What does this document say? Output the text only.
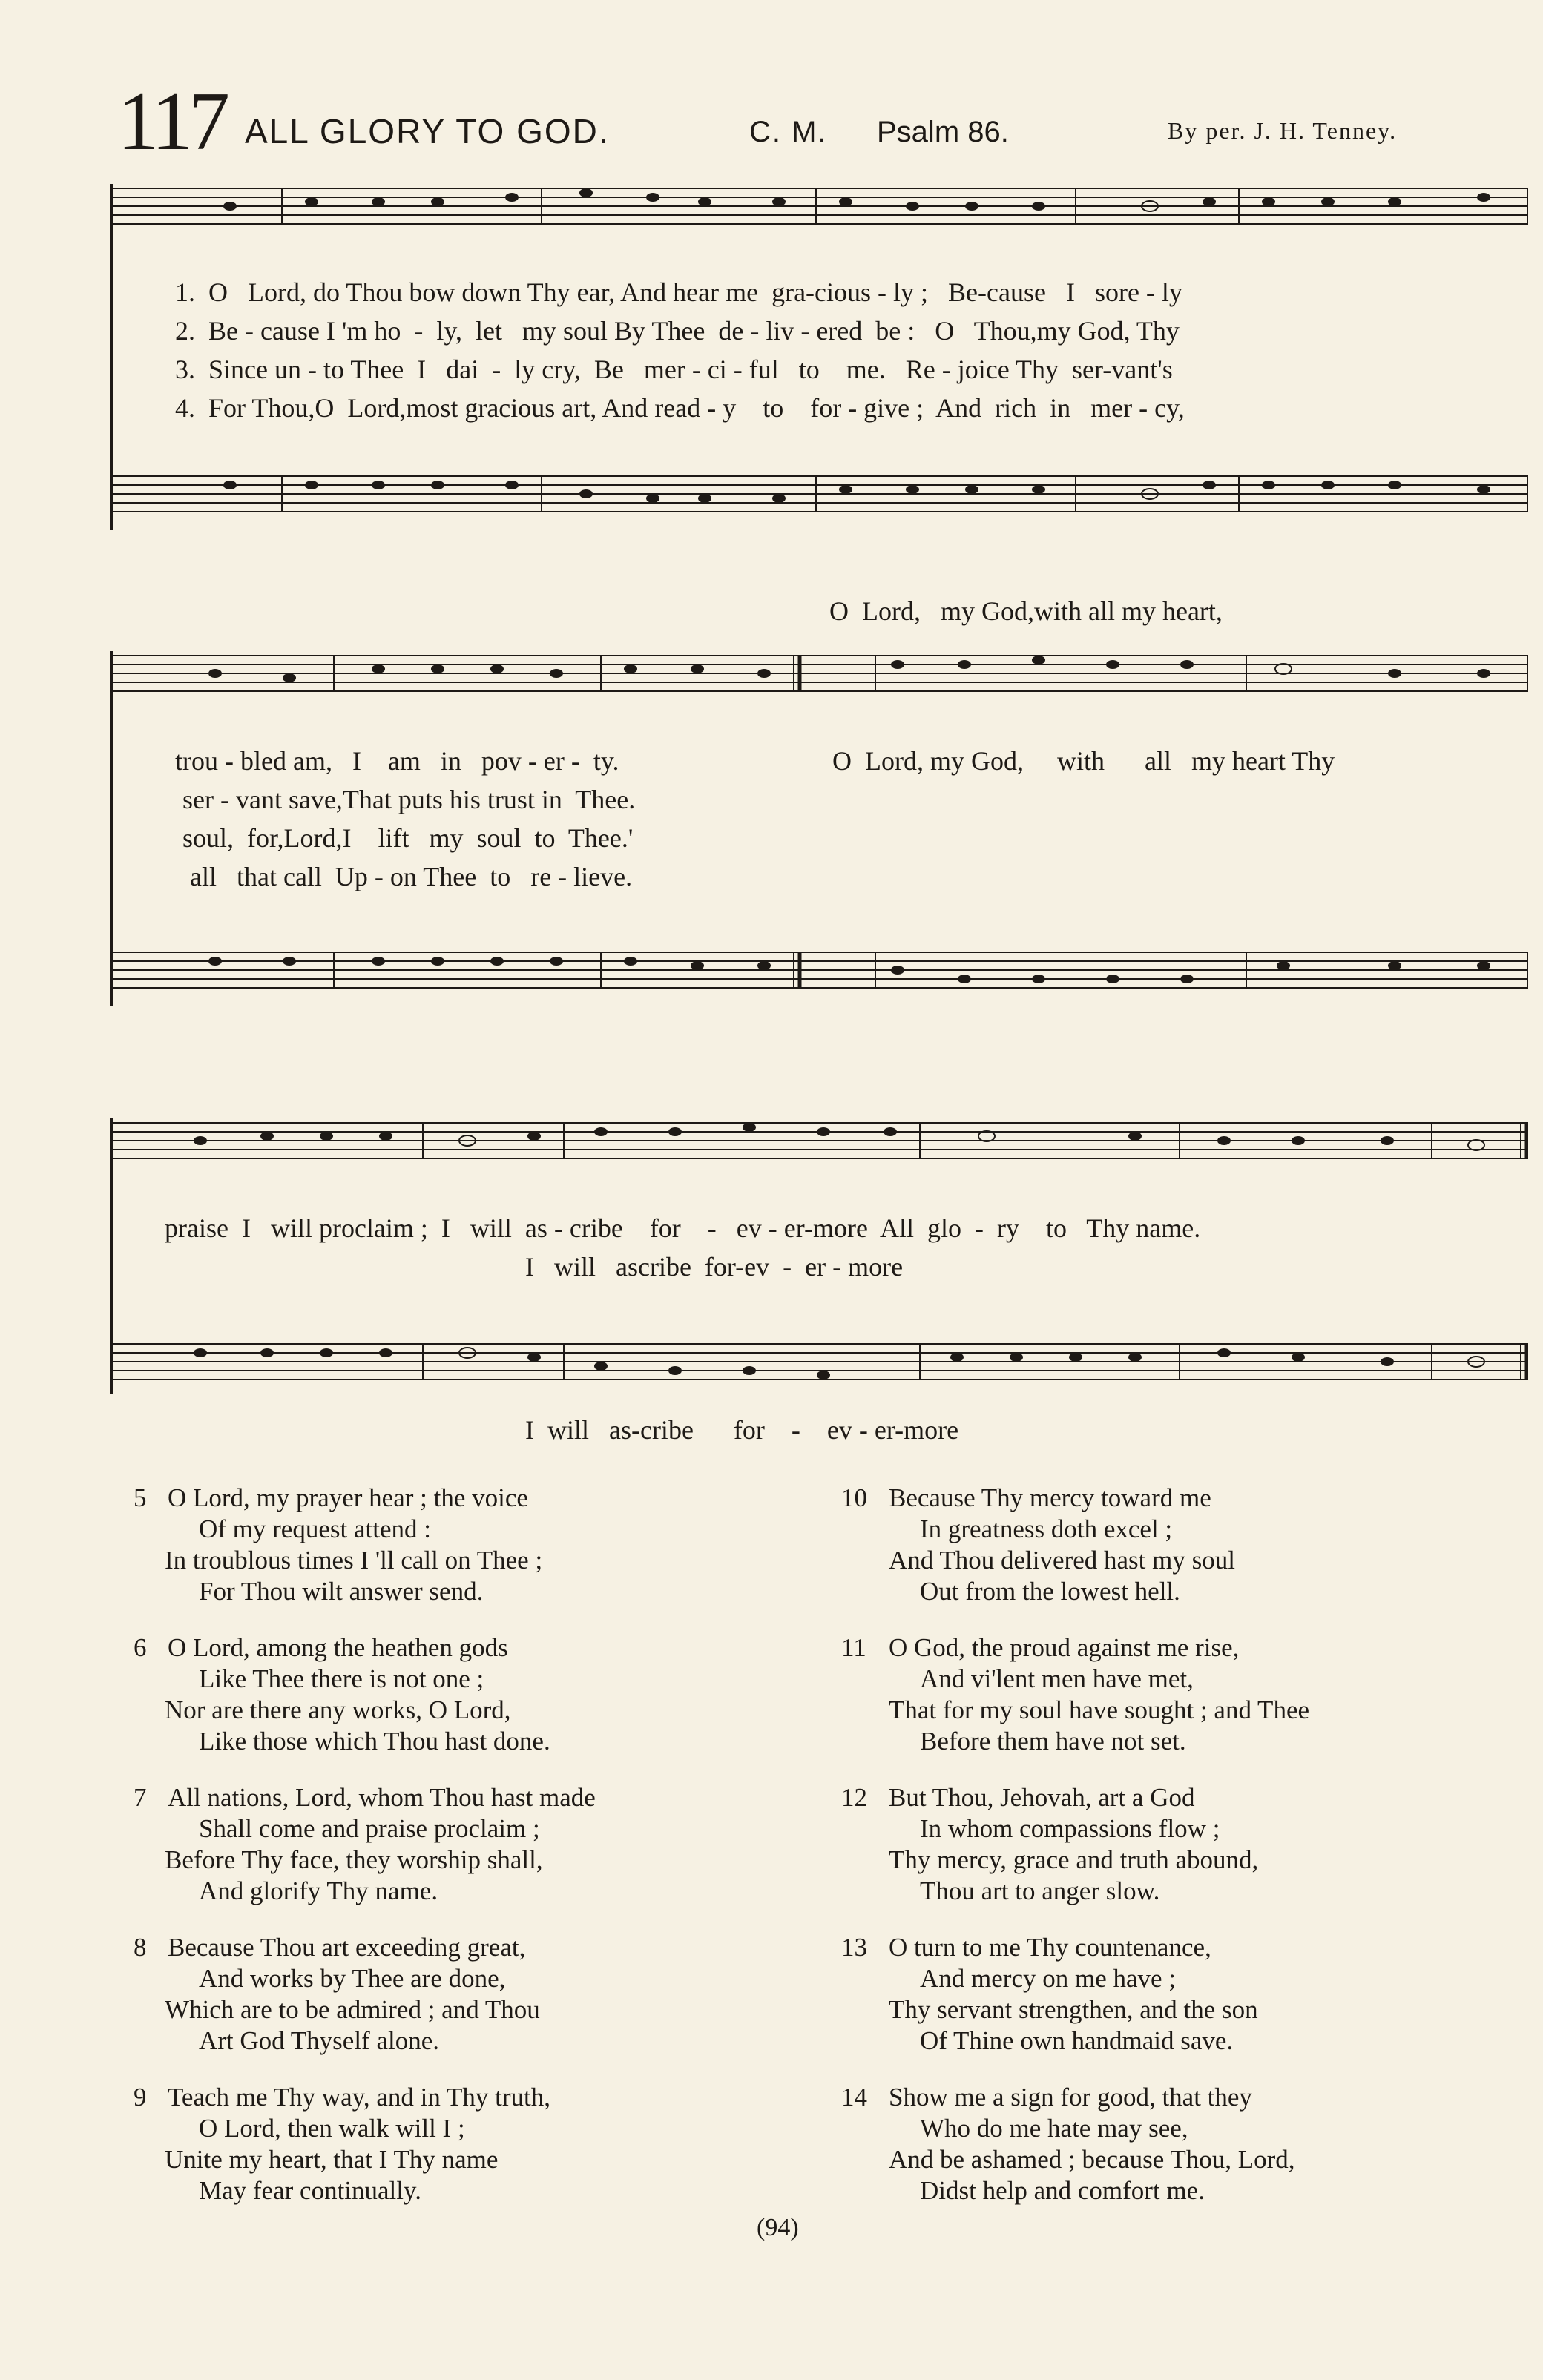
117 ALL GLORY TO GOD.	C. M. Psalm 86.	By per. J. H. Tenney.
1.  O   Lord, do Thou bow down Thy ear, And hear me  gra-cious - ly ;   Be-cause   I   sore - ly
2.  Be - cause I 'm ho  -  ly,  let   my soul By Thee  de - liv - ered  be :   O   Thou,my God, Thy
3.  Since un - to Thee  I   dai  -  ly cry,  Be   mer - ci - ful   to    me.   Re - joice Thy  ser-vant's
4.  For Thou,O  Lord,most gracious art, And read - y    to    for - give ;  And  rich  in   mer - cy,
O  Lord,   my God,with all my heart,
trou - bled am,   I    am   in   pov - er -  ty.	O  Lord, my God,     with      all   my heart Thy
ser - vant save,That puts his trust in  Thee.
soul,  for,Lord,I    lift   my  soul  to  Thee.'
all   that call  Up - on Thee  to   re - lieve.
praise  I   will proclaim ;  I   will  as - cribe    for    -   ev - er-more  All  glo  -  ry    to   Thy name.
I   will   ascribe  for-ev  -  er - more
I  will   as-cribe      for    -    ev - er-more
5 O Lord, my prayer hear ; the voice
Of my request attend :
In troublous times I 'll call on Thee ;
For Thou wilt answer send.
6 O Lord, among the heathen gods
Like Thee there is not one ;
Nor are there any works, O Lord,
Like those which Thou hast done.
7 All nations, Lord, whom Thou hast made
Shall come and praise proclaim ;
Before Thy face, they worship shall,
And glorify Thy name.
8 Because Thou art exceeding great,
And works by Thee are done,
Which are to be admired ; and Thou
Art God Thyself alone.
9 Teach me Thy way, and in Thy truth,
O Lord, then walk will I ;
Unite my heart, that I Thy name
May fear continually.
10 Because Thy mercy toward me
In greatness doth excel ;
And Thou delivered hast my soul
Out from the lowest hell.
11 O God, the proud against me rise,
And vi'lent men have met,
That for my soul have sought ; and Thee
Before them have not set.
12 But Thou, Jehovah, art a God
In whom compassions flow ;
Thy mercy, grace and truth abound,
Thou art to anger slow.
13 O turn to me Thy countenance,
And mercy on me have ;
Thy servant strengthen, and the son
Of Thine own handmaid save.
14 Show me a sign for good, that they
Who do me hate may see,
And be ashamed ; because Thou, Lord,
Didst help and comfort me.
(94)
